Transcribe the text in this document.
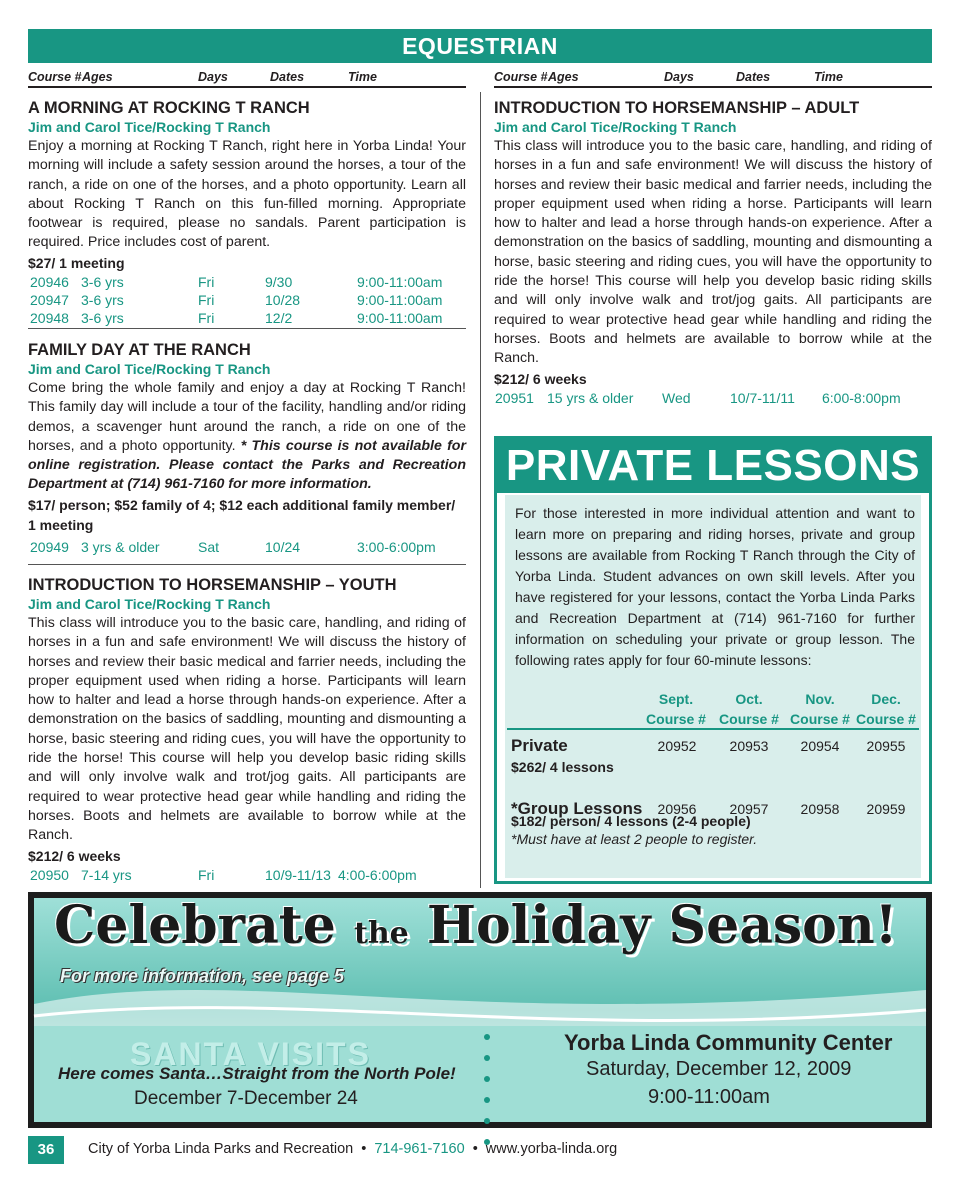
EQUESTRIAN
Course # Ages	Days	Dates	Time	Course # Ages	Days	Dates	Time
A MORNING AT ROCKING T RANCH
Jim and Carol Tice/Rocking T Ranch
Enjoy a morning at Rocking T Ranch, right here in Yorba Linda! Your morning will include a safety session around the horses, a tour of the ranch, a ride on one of the horses, and a photo opportunity. Learn all about Rocking T Ranch on this fun-filled morning. Appropriate footwear is required, please no sandals. Parent participation is required. Price includes cost of parent.
$27/ 1 meeting
20946 3-6 yrs	Fri	9/30	9:00-11:00am
20947 3-6 yrs	Fri	10/28	9:00-11:00am
20948 3-6 yrs	Fri	12/2	9:00-11:00am
FAMILY DAY AT THE RANCH
Jim and Carol Tice/Rocking T Ranch
Come bring the whole family and enjoy a day at Rocking T Ranch! This family day will include a tour of the facility, handling and/or riding demos, a scavenger hunt around the ranch, a ride on one of the horses, and a photo opportunity. * This course is not available for online registration. Please contact the Parks and Recreation Department at (714) 961-7160 for more information.
$17/ person; $52 family of 4; $12 each additional family member/ 1 meeting
20949 3 yrs & older	Sat	10/24	3:00-6:00pm
INTRODUCTION TO HORSEMANSHIP – YOUTH
Jim and Carol Tice/Rocking T Ranch
This class will introduce you to the basic care, handling, and riding of horses in a fun and safe environment! We will discuss the history of horses and review their basic medical and farrier needs, including the proper equipment used when riding a horse. Participants will learn how to halter and lead a horse through hands-on experience. After a demonstration on the basics of saddling, mounting and dismounting a horse, basic steering and riding cues, you will have the opportunity to ride the horse! This course will help you develop basic riding skills and will only involve walk and trot/jog gaits. All participants are required to wear protective head gear while handling and riding the horses. Boots and helmets are available to borrow while at the Ranch.
$212/ 6 weeks
20950 7-14 yrs	Fri	10/9-11/13 4:00-6:00pm
INTRODUCTION TO HORSEMANSHIP – ADULT
Jim and Carol Tice/Rocking T Ranch
This class will introduce you to the basic care, handling, and riding of horses in a fun and safe environment! We will discuss the history of horses and review their basic medical and farrier needs, including the proper equipment used when riding a horse. Participants will learn how to halter and lead a horse through hands-on experience. After a demonstration on the basics of saddling, mounting and dismounting a horse, basic steering and riding cues, you will have the opportunity to ride the horse! This course will help you develop basic riding skills and will only involve walk and trot/jog gaits. All participants are required to wear protective head gear while handling and riding the horses. Boots and helmets are available to borrow while at the Ranch.
$212/ 6 weeks
20951 15 yrs & older Wed	10/7-11/11 6:00-8:00pm
PRIVATE LESSONS
For those interested in more individual attention and want to learn more on preparing and riding horses, private and group lessons are available from Rocking T Ranch through the City of Yorba Linda. Student advances on own skill levels. After you have registered for your lessons, contact the Yorba Linda Parks and Recreation Department at (714) 961-7160 for further information on scheduling your private or group lesson. The following rates apply for four 60-minute lessons:
Sept.
Course #
Oct.
Course #
Nov.
Course #
Dec.
Course #
Private	20952	20953	20954	20955
$262/ 4 lessons
*Group Lessons	20956	20957	20958	20959
$182/ person/ 4 lessons (2-4 people)
*Must have at least 2 people to register.
Celebrate the Holiday Season!
For more information, see page 5
SANTA VISITS
Here comes Santa…Straight from the North Pole!
December 7-December 24
Yorba Linda Community Center
Saturday, December 12, 2009
9:00-11:00am
36	City of Yorba Linda Parks and Recreation • 714-961-7160 • www.yorba-linda.org
